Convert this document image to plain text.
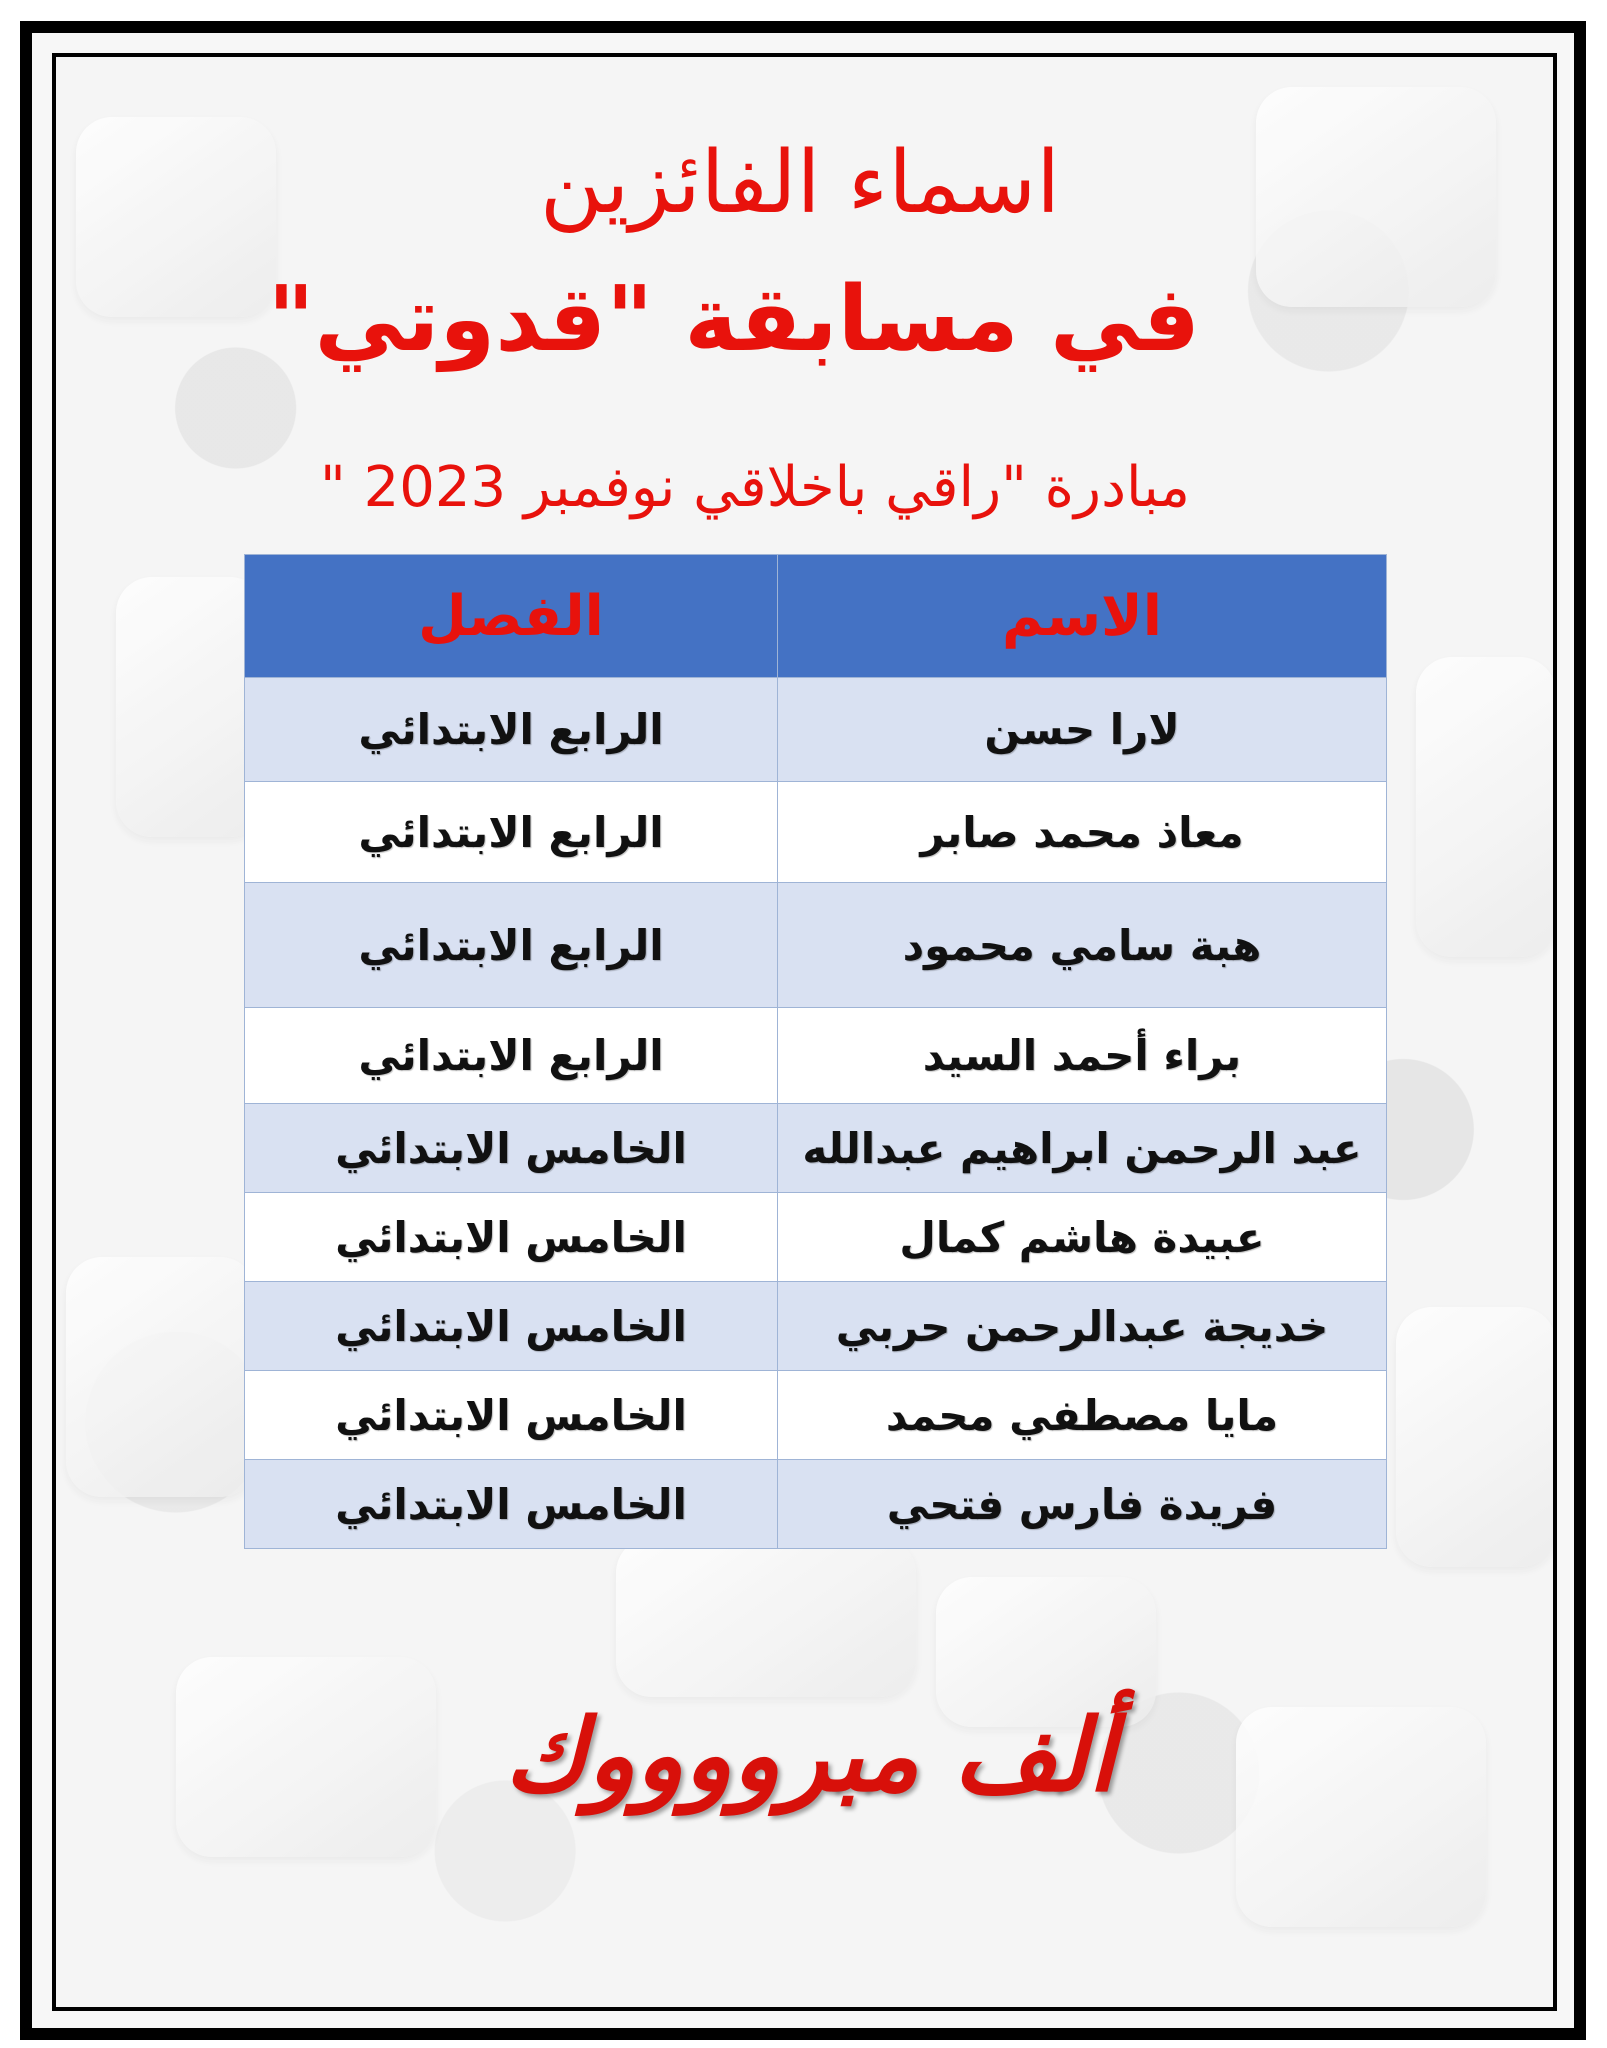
اسماء الفائزين
في مسابقة "قدوتي"
مبادرة "راقي باخلاقي نوفمبر 2023 "
الاسم	الفصل
لارا حسن	الرابع الابتدائي
معاذ محمد صابر	الرابع الابتدائي
هبة سامي محمود	الرابع الابتدائي
براء أحمد السيد	الرابع الابتدائي
عبد الرحمن ابراهيم عبدالله	الخامس الابتدائي
عبيدة هاشم كمال	الخامس الابتدائي
خديجة عبدالرحمن حربي	الخامس الابتدائي
مايا مصطفي محمد	الخامس الابتدائي
فريدة فارس فتحي	الخامس الابتدائي
ألف مبرووووك
